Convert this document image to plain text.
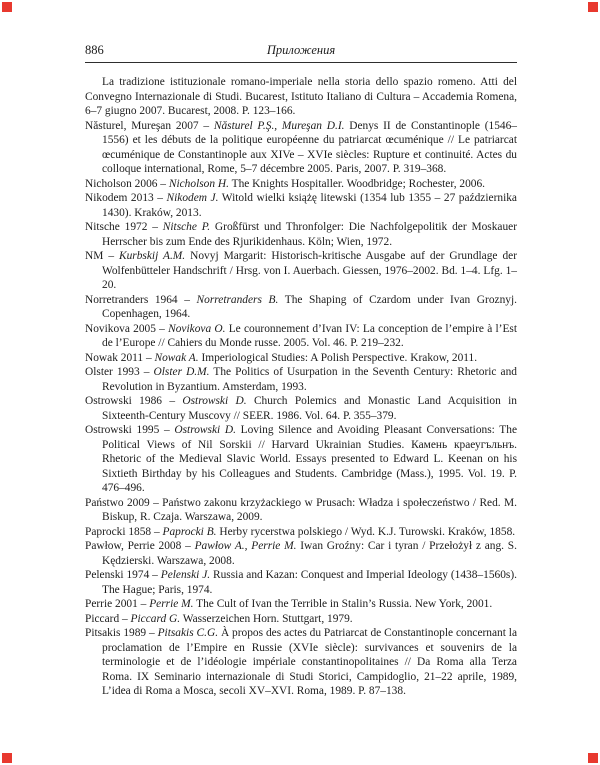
886	Приложения

La tradizione istituzionale romano-imperiale nella storia dello spazio romeno. Atti del Convegno Internazionale di Studi. Bucarest, Istituto Italiano di Cultura – Accademia Romena, 6–7 giugno 2007. Bucarest, 2008. P. 123–166.

Năsturel, Mureşan 2007 – Năsturel P.Ş., Mureşan D.I. Denys II de Constantinople (1546–1556) et les débuts de la politique européenne du patriarcat œcuménique // Le patriarcat œcuménique de Constantinople aux XIVe – XVIe siècles: Rupture et continuité. Actes du colloque international, Rome, 5–7 décembre 2005. Paris, 2007. P. 319–368.

Nicholson 2006 – Nicholson H. The Knights Hospitaller. Woodbridge; Rochester, 2006.

Nikodem 2013 – Nikodem J. Witold wielki książę litewski (1354 lub 1355 – 27 października 1430). Kraków, 2013.

Nitsche 1972 – Nitsche P. Großfürst und Thronfolger: Die Nachfolgepolitik der Moskauer Herrscher bis zum Ende des Rjurikidenhaus. Köln; Wien, 1972.

NM – Kurbskij A.M. Novyj Margarit: Historisch-kritische Ausgabe auf der Grundlage der Wolfenbütteler Handschrift / Hrsg. von I. Auerbach. Giessen, 1976–2002. Bd. 1–4. Lfg. 1–20.

Norretranders 1964 – Norretranders B. The Shaping of Czardom under Ivan Groznyj. Copenhagen, 1964.

Novikova 2005 – Novikova O. Le couronnement d’Ivan IV: La conception de l’empire à l’Est de l’Europe // Cahiers du Monde russe. 2005. Vol. 46. P. 219–232.

Nowak 2011 – Nowak A. Imperiological Studies: A Polish Perspective. Krakow, 2011.

Olster 1993 – Olster D.M. The Politics of Usurpation in the Seventh Century: Rhetoric and Revolution in Byzantium. Amsterdam, 1993.

Ostrowski 1986 – Ostrowski D. Church Polemics and Monastic Land Acquisition in Sixteenth-Century Muscovy // SEER. 1986. Vol. 64. P. 355–379.

Ostrowski 1995 – Ostrowski D. Loving Silence and Avoiding Pleasant Conversations: The Political Views of Nil Sorskii // Harvard Ukrainian Studies. Камень краеугъльнъ. Rhetoric of the Medieval Slavic World. Essays presented to Edward L. Keenan on his Sixtieth Birthday by his Colleagues and Students. Cambridge (Mass.), 1995. Vol. 19. P. 476–496.

Państwo 2009 – Państwo zakonu krzyżackiego w Prusach: Władza i społeczeństwo / Red. M. Biskup, R. Czaja. Warszawa, 2009.

Paprocki 1858 – Paprocki B. Herby rycerstwa polskiego / Wyd. K.J. Turowski. Kraków, 1858.

Pawłow, Perrie 2008 – Pawłow A., Perrie M. Iwan Groźny: Car i tyran / Przełożył z ang. S. Kędzierski. Warszawa, 2008.

Pelenski 1974 – Pelenski J. Russia and Kazan: Conquest and Imperial Ideology (1438–1560s). The Hague; Paris, 1974.

Perrie 2001 – Perrie M. The Cult of Ivan the Terrible in Stalin’s Russia. New York, 2001.

Piccard – Piccard G. Wasserzeichen Horn. Stuttgart, 1979.

Pitsakis 1989 – Pitsakis C.G. À propos des actes du Patriarcat de Constantinople concernant la proclamation de l’Empire en Russie (XVIe siècle): survivances et souvenirs de la terminologie et de l’idéologie impériale constantinopolitaines // Da Roma alla Terza Roma. IX Seminario internazionale di Studi Storici, Campidoglio, 21–22 aprile, 1989, L’idea di Roma a Mosca, secoli XV–XVI. Roma, 1989. P. 87–138.
